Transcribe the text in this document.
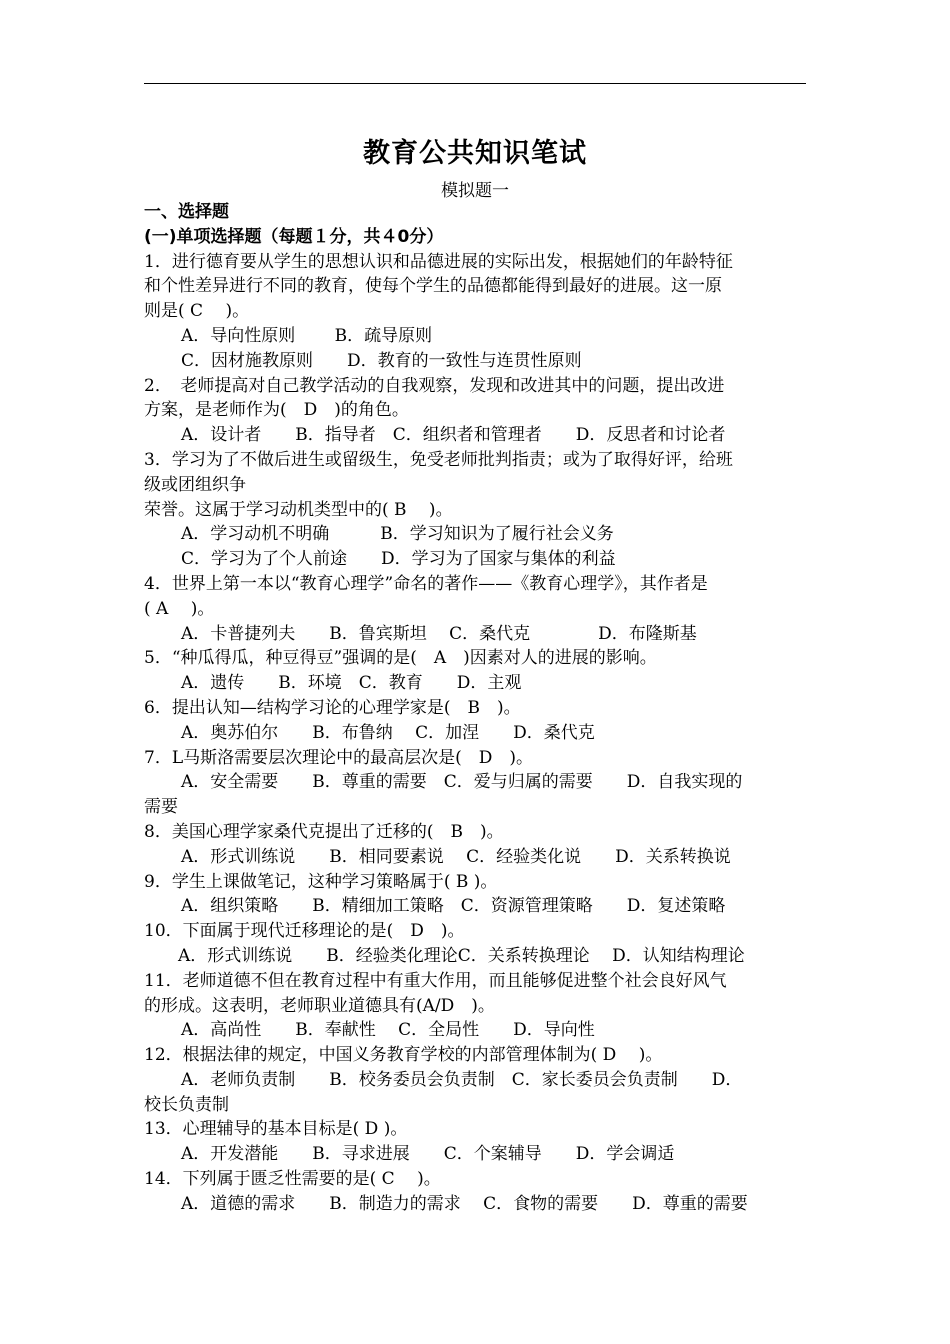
教育公共知识笔试
模拟题一
一、选择题
(一)单项选择题（每题１分，共４0分）
1．进行德育要从学生的思想认识和品德进展的实际出发，根据她们的年龄特征
和个性差异进行不同的教育，使每个学生的品德都能得到最好的进展。这一原
则是( C　 )。
A．导向性原则　　 B．疏导原则
C．因材施教原则　　D．教育的一致性与连贯性原则
2．　老师提高对自己教学活动的自我观察，发现和改进其中的问题，提出改进
方案，是老师作为(　D　)的角色。
A．设计者　　B．指导者　C．组织者和管理者　　D．反思者和讨论者
3．学习为了不做后进生或留级生，免受老师批判指责；或为了取得好评，给班
级或团组织争
荣誉。这属于学习动机类型中的( B　 )。
A．学习动机不明确　　　B．学习知识为了履行社会义务
C．学习为了个人前途　　D．学习为了国家与集体的利益
4．世界上第一本以“教育心理学”命名的著作——《教育心理学》，其作者是
( A　 )。
A．卡普捷列夫　　B．鲁宾斯坦　 C．桑代克　　　　D．布隆斯基
5．“种瓜得瓜，种豆得豆”强调的是(　A　)因素对人的进展的影响。
A．遗传　　B．环境　C．教育　　D．主观
6．提出认知—结构学习论的心理学家是(　B　)。
A．奥苏伯尔　　B．布鲁纳　 C．加涅　　D．桑代克
7．L马斯洛需要层次理论中的最高层次是(　D　)。
A．安全需要　　B．尊重的需要　C．爱与归属的需要　　D．自我实现的
需要
8．美国心理学家桑代克提出了迁移的(　B　)。
A．形式训练说　　B．相同要素说　 C．经验类化说　　D．关系转换说
9．学生上课做笔记，这种学习策略属于( B )。
A．组织策略　　B．精细加工策略　C．资源管理策略　　D．复述策略
10．下面属于现代迁移理论的是(　D　)。
A．形式训练说　　B．经验类化理论C．关系转换理论　 D．认知结构理论
11．老师道德不但在教育过程中有重大作用，而且能够促进整个社会良好风气
的形成。这表明，老师职业道德具有(A/D　)。
A．高尚性　　B．奉献性　 C．全局性　　D．导向性
12．根据法律的规定，中国义务教育学校的内部管理体制为( D　 )。
A．老师负责制　　B．校务委员会负责制　C．家长委员会负责制　　D．
校长负责制
13．心理辅导的基本目标是( D )。
A．开发潜能　　B．寻求进展　　C．个案辅导　　D．学会调适
14．下列属于匮乏性需要的是( C　 )。
A．道德的需求　　B．制造力的需求　 C．食物的需要　　D．尊重的需要
